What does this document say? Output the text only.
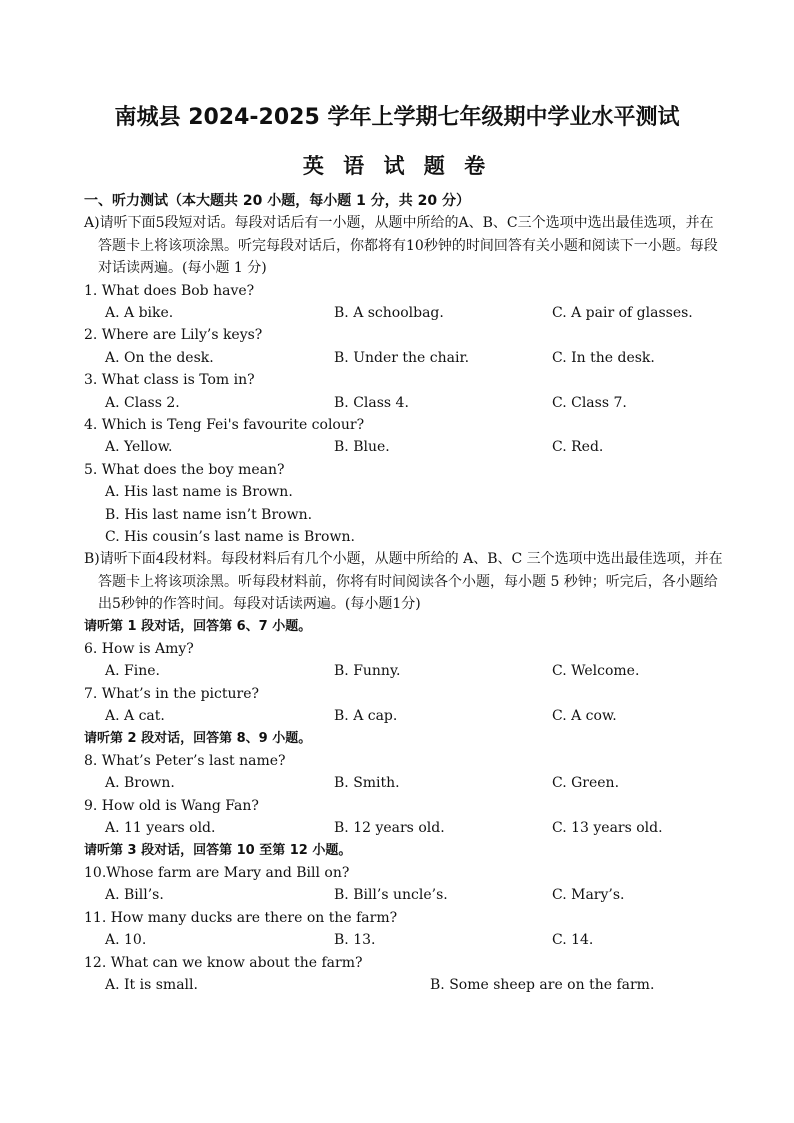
南城县 2024-2025 学年上学期七年级期中学业水平测试
英 语 试 题 卷
一、听力测试（本大题共 20 小题，每小题 1 分，共 20 分）
A)请听下面5段短对话。每段对话后有一小题，从题中所给的A、B、C三个选项中选出最佳选项，并在答题卡上将该项涂黑。听完每段对话后，你都将有10秒钟的时间回答有关小题和阅读下一小题。每段对话读两遍。(每小题 1 分)
1. What does Bob have?
A. A bike.	B. A schoolbag.	C. A pair of glasses.
2. Where are Lily’s keys?
A. On the desk.	B. Under the chair.	C. In the desk.
3. What class is Tom in?
A. Class 2.	B. Class 4.	C. Class 7.
4. Which is Teng Fei's favourite colour?
A. Yellow.	B. Blue.	C. Red.
5. What does the boy mean?
A. His last name is Brown.
B. His last name isn’t Brown.
C. His cousin’s last name is Brown.
B)请听下面4段材料。每段材料后有几个小题，从题中所给的 A、B、C 三个选项中选出最佳选项，并在答题卡上将该项涂黑。听每段材料前，你将有时间阅读各个小题，每小题 5 秒钟；听完后，各小题给出5秒钟的作答时间。每段对话读两遍。(每小题1分)
请听第 1 段对话，回答第 6、7 小题。
6. How is Amy?
A. Fine.	B. Funny.	C. Welcome.
7. What’s in the picture?
A. A cat.	B. A cap.	C. A cow.
请听第 2 段对话，回答第 8、9 小题。
8. What’s Peter’s last name?
A. Brown.	B. Smith.	C. Green.
9. How old is Wang Fan?
A. 11 years old.	B. 12 years old.	C. 13 years old.
请听第 3 段对话，回答第 10 至第 12 小题。
10.Whose farm are Mary and Bill on?
A. Bill’s.	B. Bill’s uncle’s.	C. Mary’s.
11. How many ducks are there on the farm?
A. 10.	B. 13.	C. 14.
12. What can we know about the farm?
A. It is small.	B. Some sheep are on the farm.
